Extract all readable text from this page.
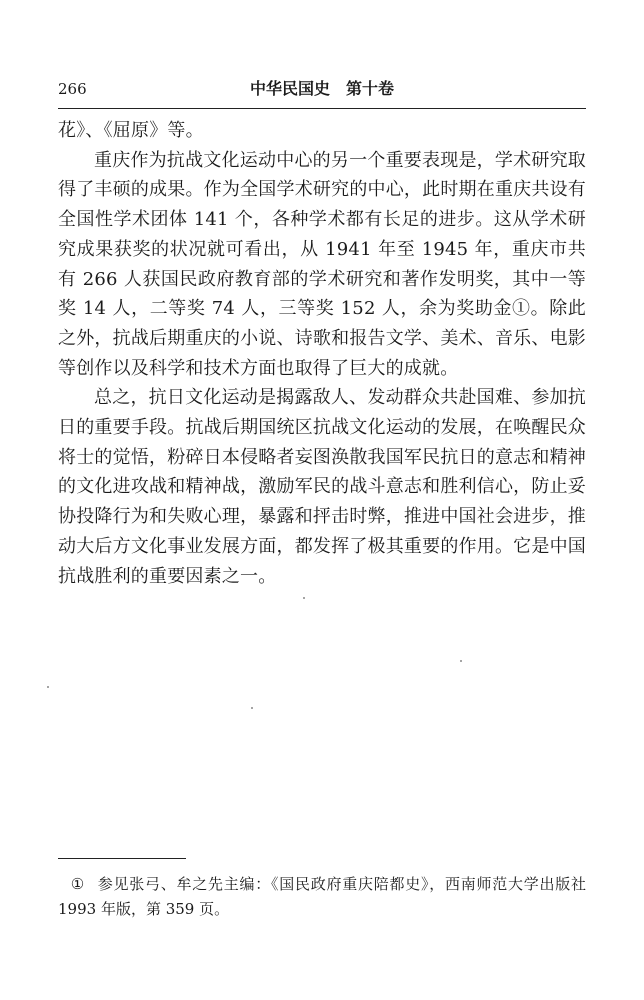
266	中华民国史　第十卷

花》、《屈原》等。

重庆作为抗战文化运动中心的另一个重要表现是，学术研究取得了丰硕的成果。作为全国学术研究的中心，此时期在重庆共设有全国性学术团体 141 个，各种学术都有长足的进步。这从学术研究成果获奖的状况就可看出，从 1941 年至 1945 年，重庆市共有 266 人获国民政府教育部的学术研究和著作发明奖，其中一等奖 14 人，二等奖 74 人，三等奖 152 人，余为奖助金①。除此之外，抗战后期重庆的小说、诗歌和报告文学、美术、音乐、电影等创作以及科学和技术方面也取得了巨大的成就。

总之，抗日文化运动是揭露敌人、发动群众共赴国难、参加抗日的重要手段。抗战后期国统区抗战文化运动的发展，在唤醒民众将士的觉悟，粉碎日本侵略者妄图涣散我国军民抗日的意志和精神的文化进攻战和精神战，激励军民的战斗意志和胜利信心，防止妥协投降行为和失败心理，暴露和抨击时弊，推进中国社会进步，推动大后方文化事业发展方面，都发挥了极其重要的作用。它是中国抗战胜利的重要因素之一。

① 参见张弓、牟之先主编：《国民政府重庆陪都史》，西南师范大学出版社 1993 年版，第 359 页。
